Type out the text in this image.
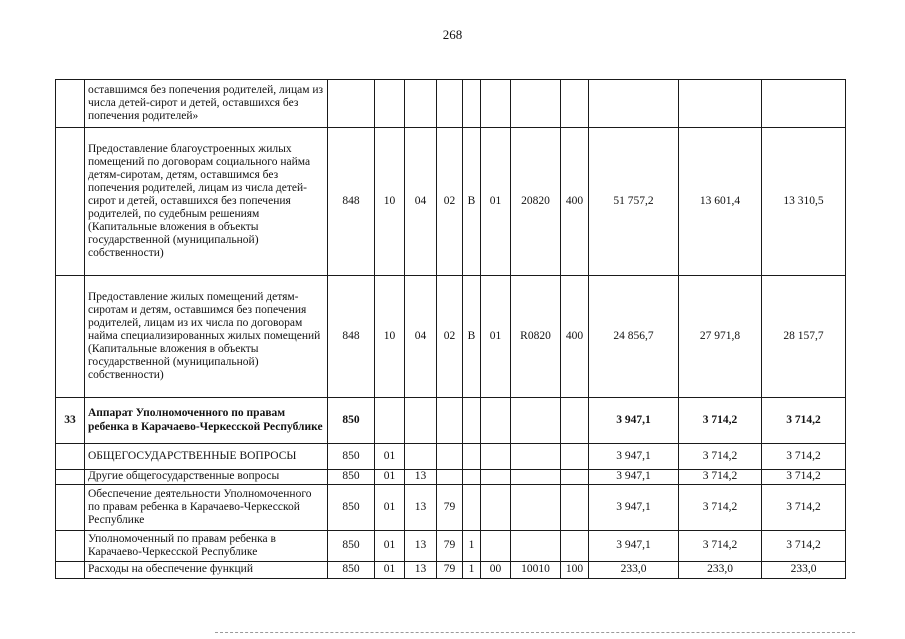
268
	оставшимся без попечения родителей, лицам из числа детей-сирот и детей, оставшихся без попечения родителей»											
	Предоставление благоустроенных жилых помещений по договорам социального найма детям-сиротам, детям, оставшимся без попечения родителей, лицам из числа детей-сирот и детей, оставшихся без попечения родителей, по судебным решениям (Капитальные вложения в объекты государственной (муниципальной) собственности)	848	10	04	02	В	01	20820	400	51 757,2	13 601,4	13 310,5
	Предоставление жилых помещений детям-сиротам и детям, оставшимся без попечения родителей, лицам из их числа по договорам найма специализированных жилых помещений (Капитальные вложения в объекты государственной (муниципальной) собственности)	848	10	04	02	В	01	R0820	400	24 856,7	27 971,8	28 157,7
33	Аппарат Уполномоченного по правам ребенка в Карачаево-Черкесской Республике	850								3 947,1	3 714,2	3 714,2
	ОБЩЕГОСУДАРСТВЕННЫЕ ВОПРОСЫ	850	01							3 947,1	3 714,2	3 714,2
	Другие общегосударственные вопросы	850	01	13						3 947,1	3 714,2	3 714,2
	Обеспечение деятельности Уполномоченного по правам ребенка в Карачаево-Черкесской Республике	850	01	13	79					3 947,1	3 714,2	3 714,2
	Уполномоченный по правам ребенка в Карачаево-Черкесской Республике	850	01	13	79	1				3 947,1	3 714,2	3 714,2
	Расходы на обеспечение функций	850	01	13	79	1	00	10010	100	233,0	233,0	233,0
